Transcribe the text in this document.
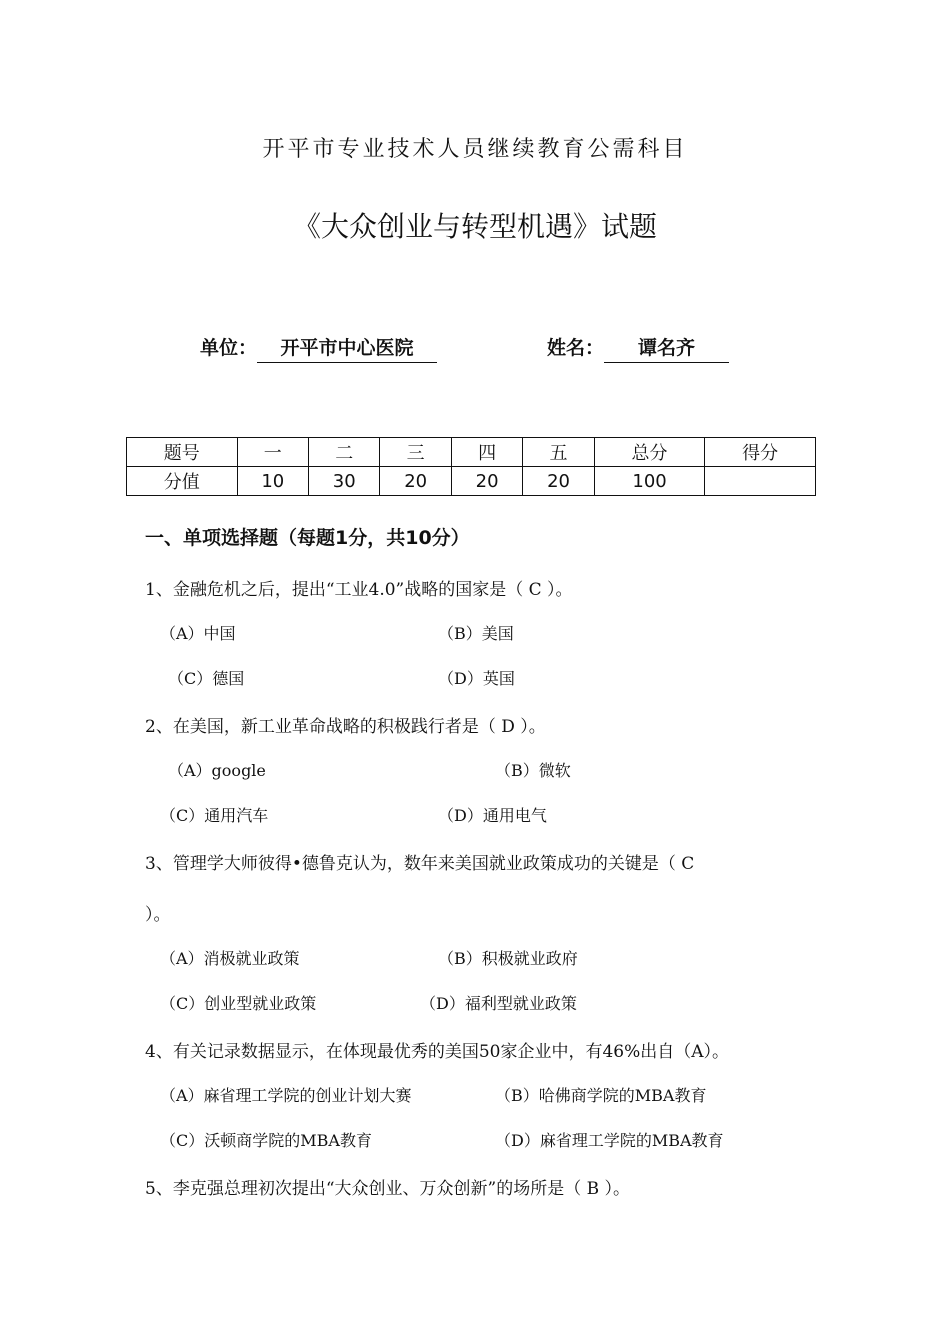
开平市专业技术人员继续教育公需科目
《大众创业与转型机遇》试题
单位： 开平市中心医院	姓名： 谭名齐
题号	一	二	三	四	五	总分	得分
分值	10	30	20	20	20	100	
一、单项选择题（每题1分，共10分）
1、金融危机之后，提出“工业4.0”战略的国家是（ C ）。
（A）中国	（B）美国
（C）德国	（D）英国
2、在美国，新工业革命战略的积极践行者是（ D ）。
（A）google	（B）微软
（C）通用汽车	（D）通用电气
3、管理学大师彼得•德鲁克认为，数年来美国就业政策成功的关键是（ C
）。
（A）消极就业政策	（B）积极就业政府
（C）创业型就业政策	（D）福利型就业政策
4、有关记录数据显示，在体现最优秀的美国50家企业中，有46%出自（A）。
（A）麻省理工学院的创业计划大赛	（B）哈佛商学院的MBA教育
（C）沃顿商学院的MBA教育	（D）麻省理工学院的MBA教育
5、李克强总理初次提出“大众创业、万众创新”的场所是（ B ）。
